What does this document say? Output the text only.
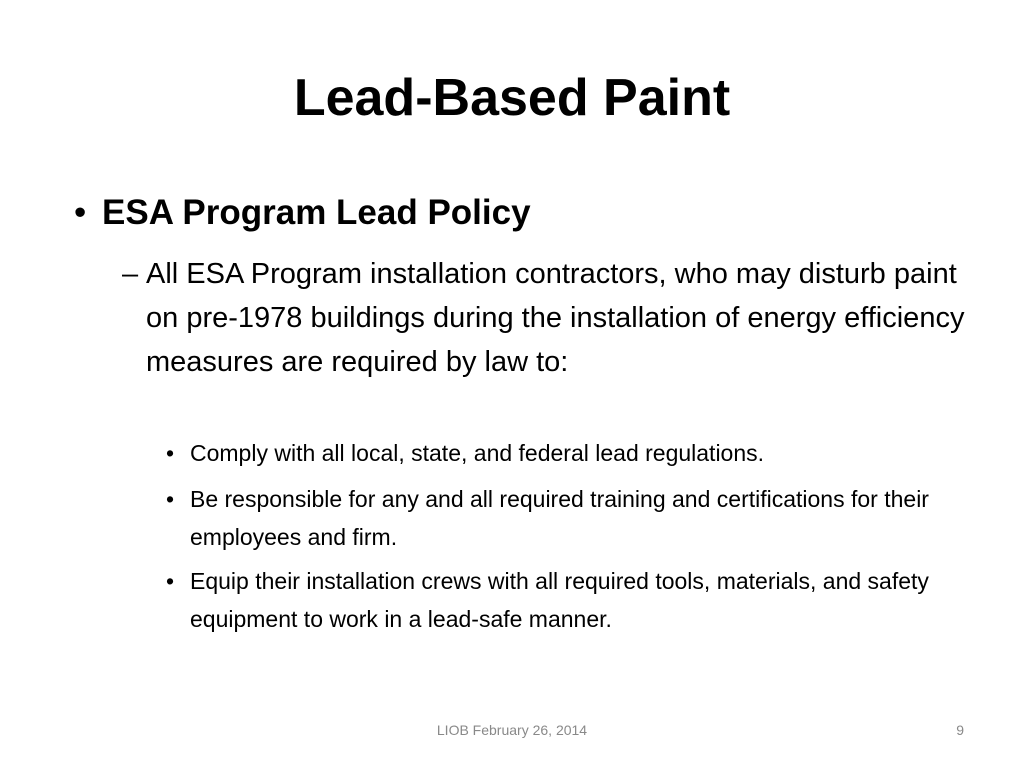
Lead-Based Paint
• ESA Program Lead Policy
– All ESA Program installation contractors, who may disturb paint on pre-1978 buildings during the installation of energy efficiency measures are required by law to:
• Comply with all local, state, and federal lead regulations.
• Be responsible for any and all required training and certifications for their employees and firm.
• Equip their installation crews with all required tools, materials, and safety equipment to work in a lead-safe manner.
LIOB February 26, 2014	9
